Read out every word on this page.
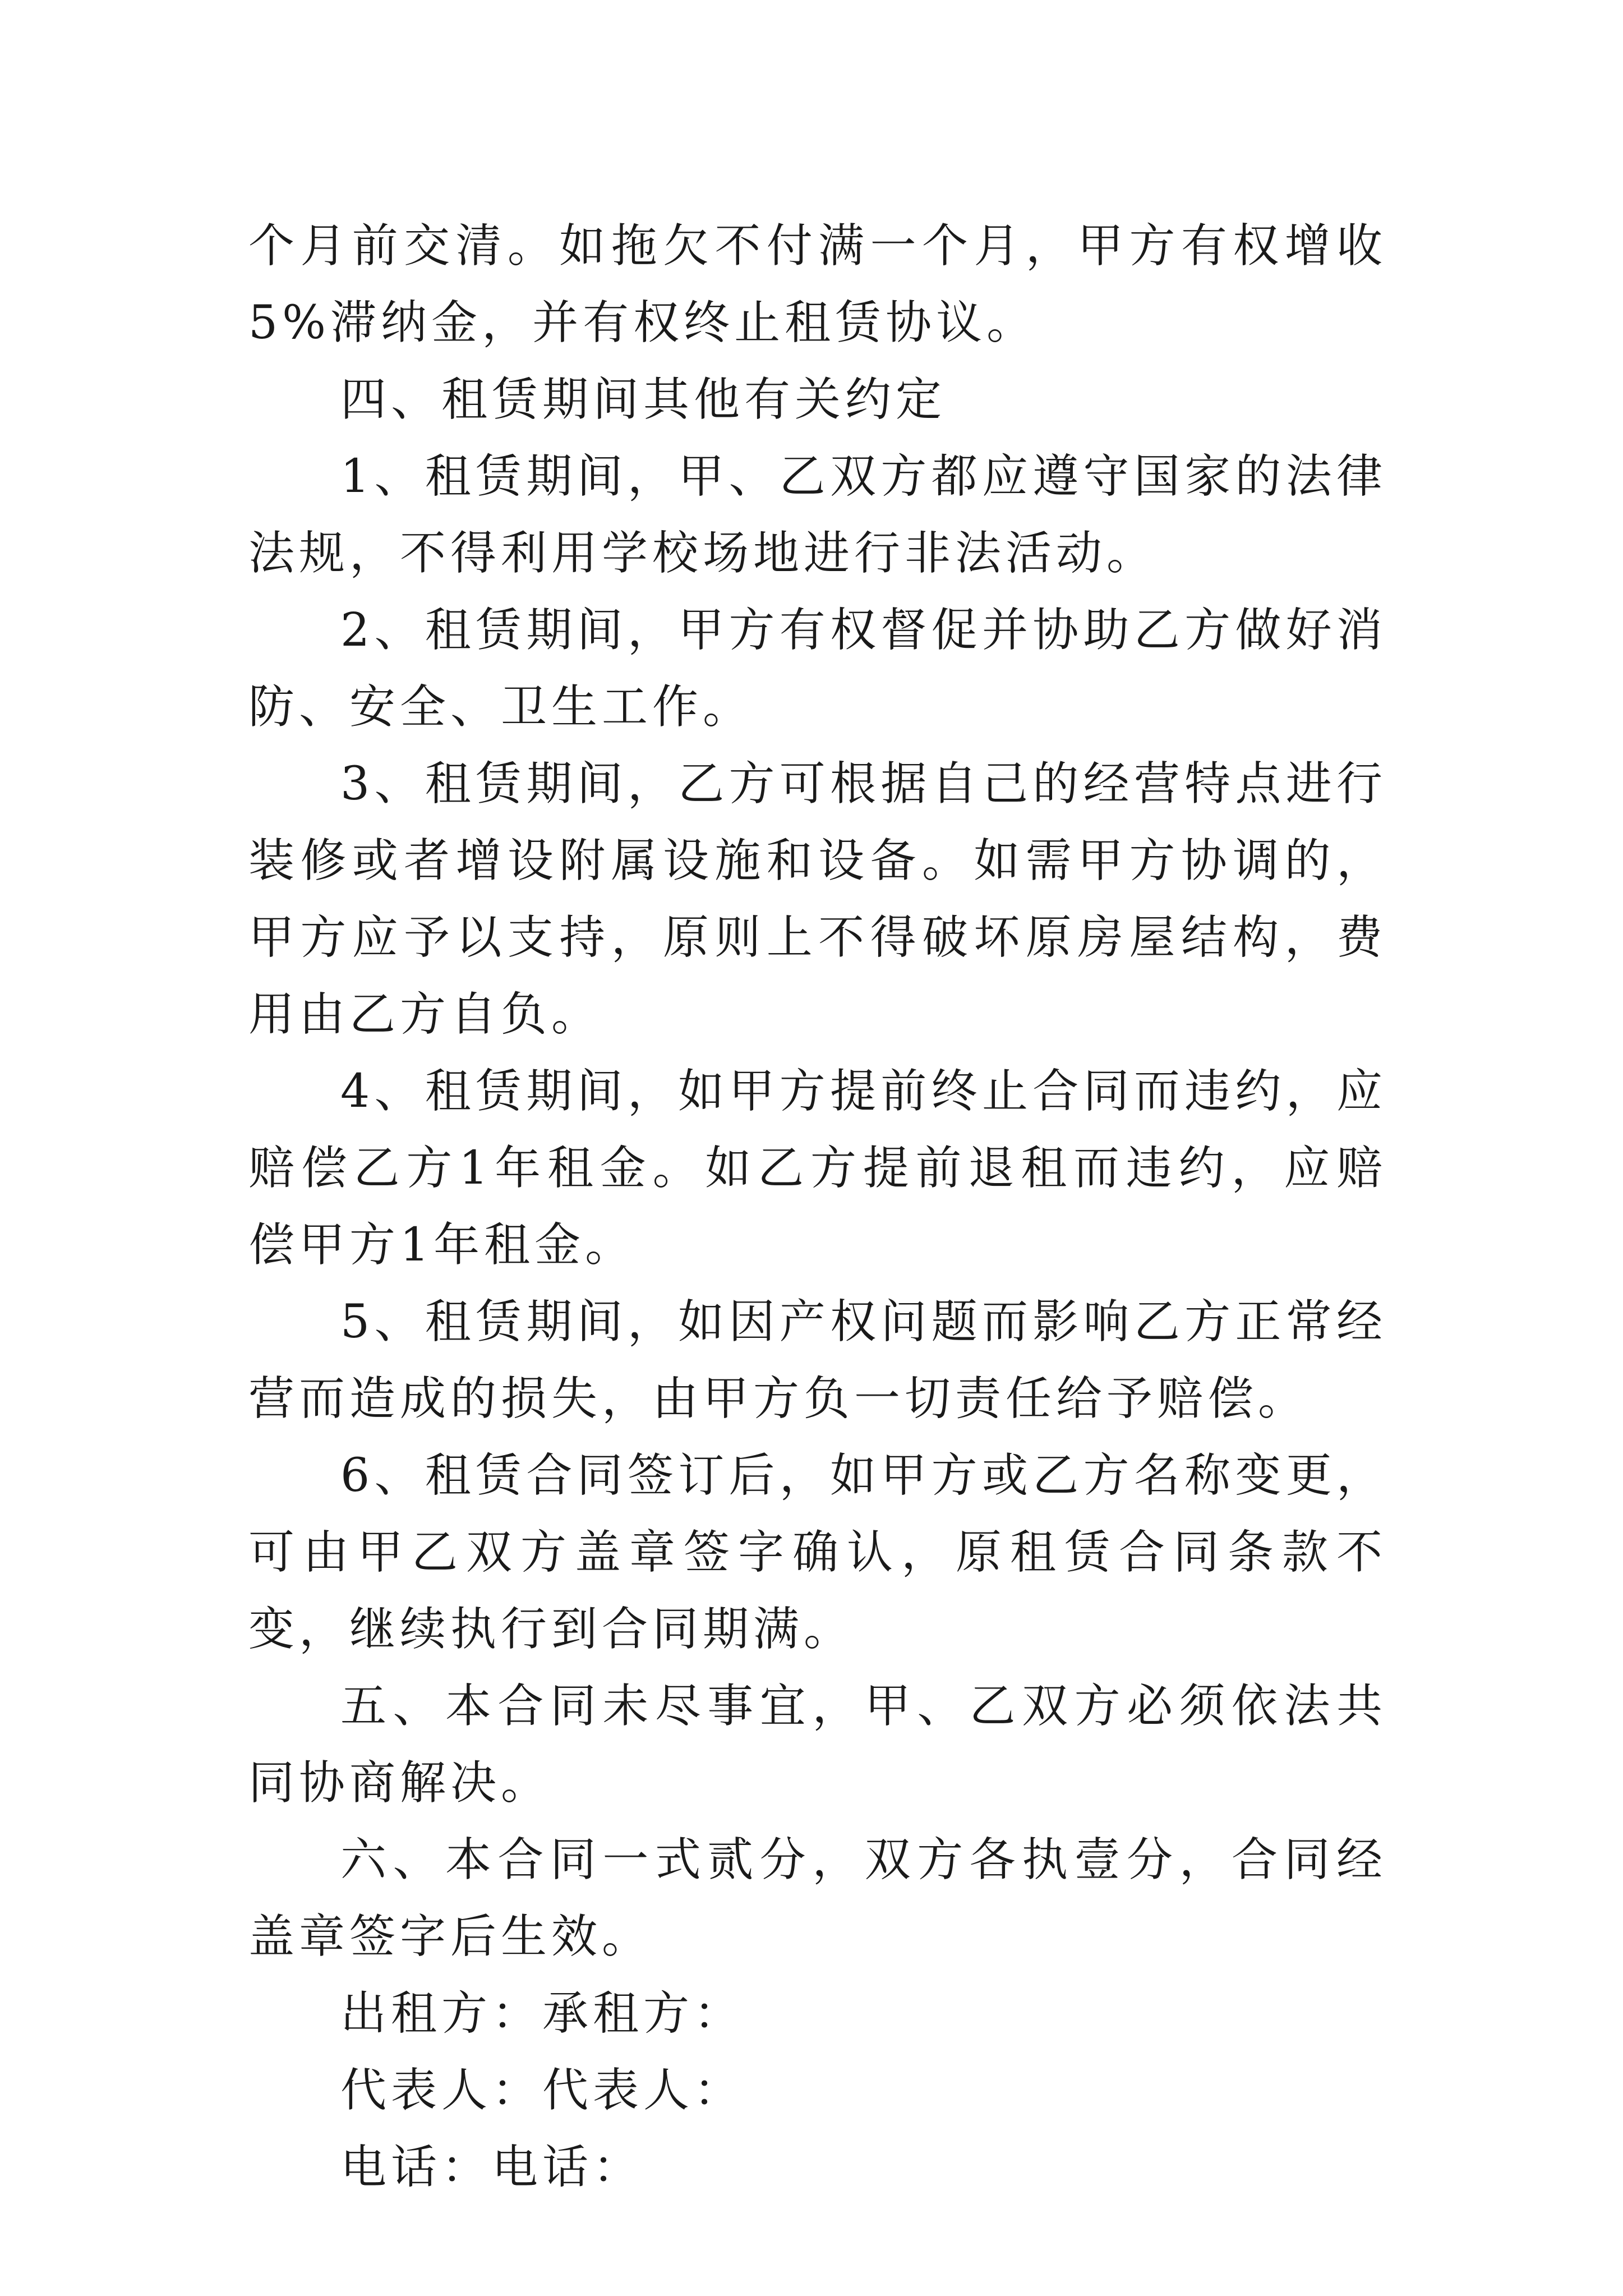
个月前交清。如拖欠不付满一个月，甲方有权增收5%滞纳金，并有权终止租赁协议。

四、租赁期间其他有关约定

1、租赁期间，甲、乙双方都应遵守国家的法律法规，不得利用学校场地进行非法活动。

2、租赁期间，甲方有权督促并协助乙方做好消防、安全、卫生工作。

3、租赁期间，乙方可根据自己的经营特点进行装修或者增设附属设施和设备。如需甲方协调的，甲方应予以支持，原则上不得破坏原房屋结构，费用由乙方自负。

4、租赁期间，如甲方提前终止合同而违约，应赔偿乙方1年租金。如乙方提前退租而违约，应赔偿甲方1年租金。

5、租赁期间，如因产权问题而影响乙方正常经营而造成的损失，由甲方负一切责任给予赔偿。

6、租赁合同签订后，如甲方或乙方名称变更，可由甲乙双方盖章签字确认，原租赁合同条款不变，继续执行到合同期满。

五、本合同未尽事宜，甲、乙双方必须依法共同协商解决。

六、本合同一式贰分，双方各执壹分，合同经盖章签字后生效。

出租方：承租方：

代表人：代表人：

电话：电话：
